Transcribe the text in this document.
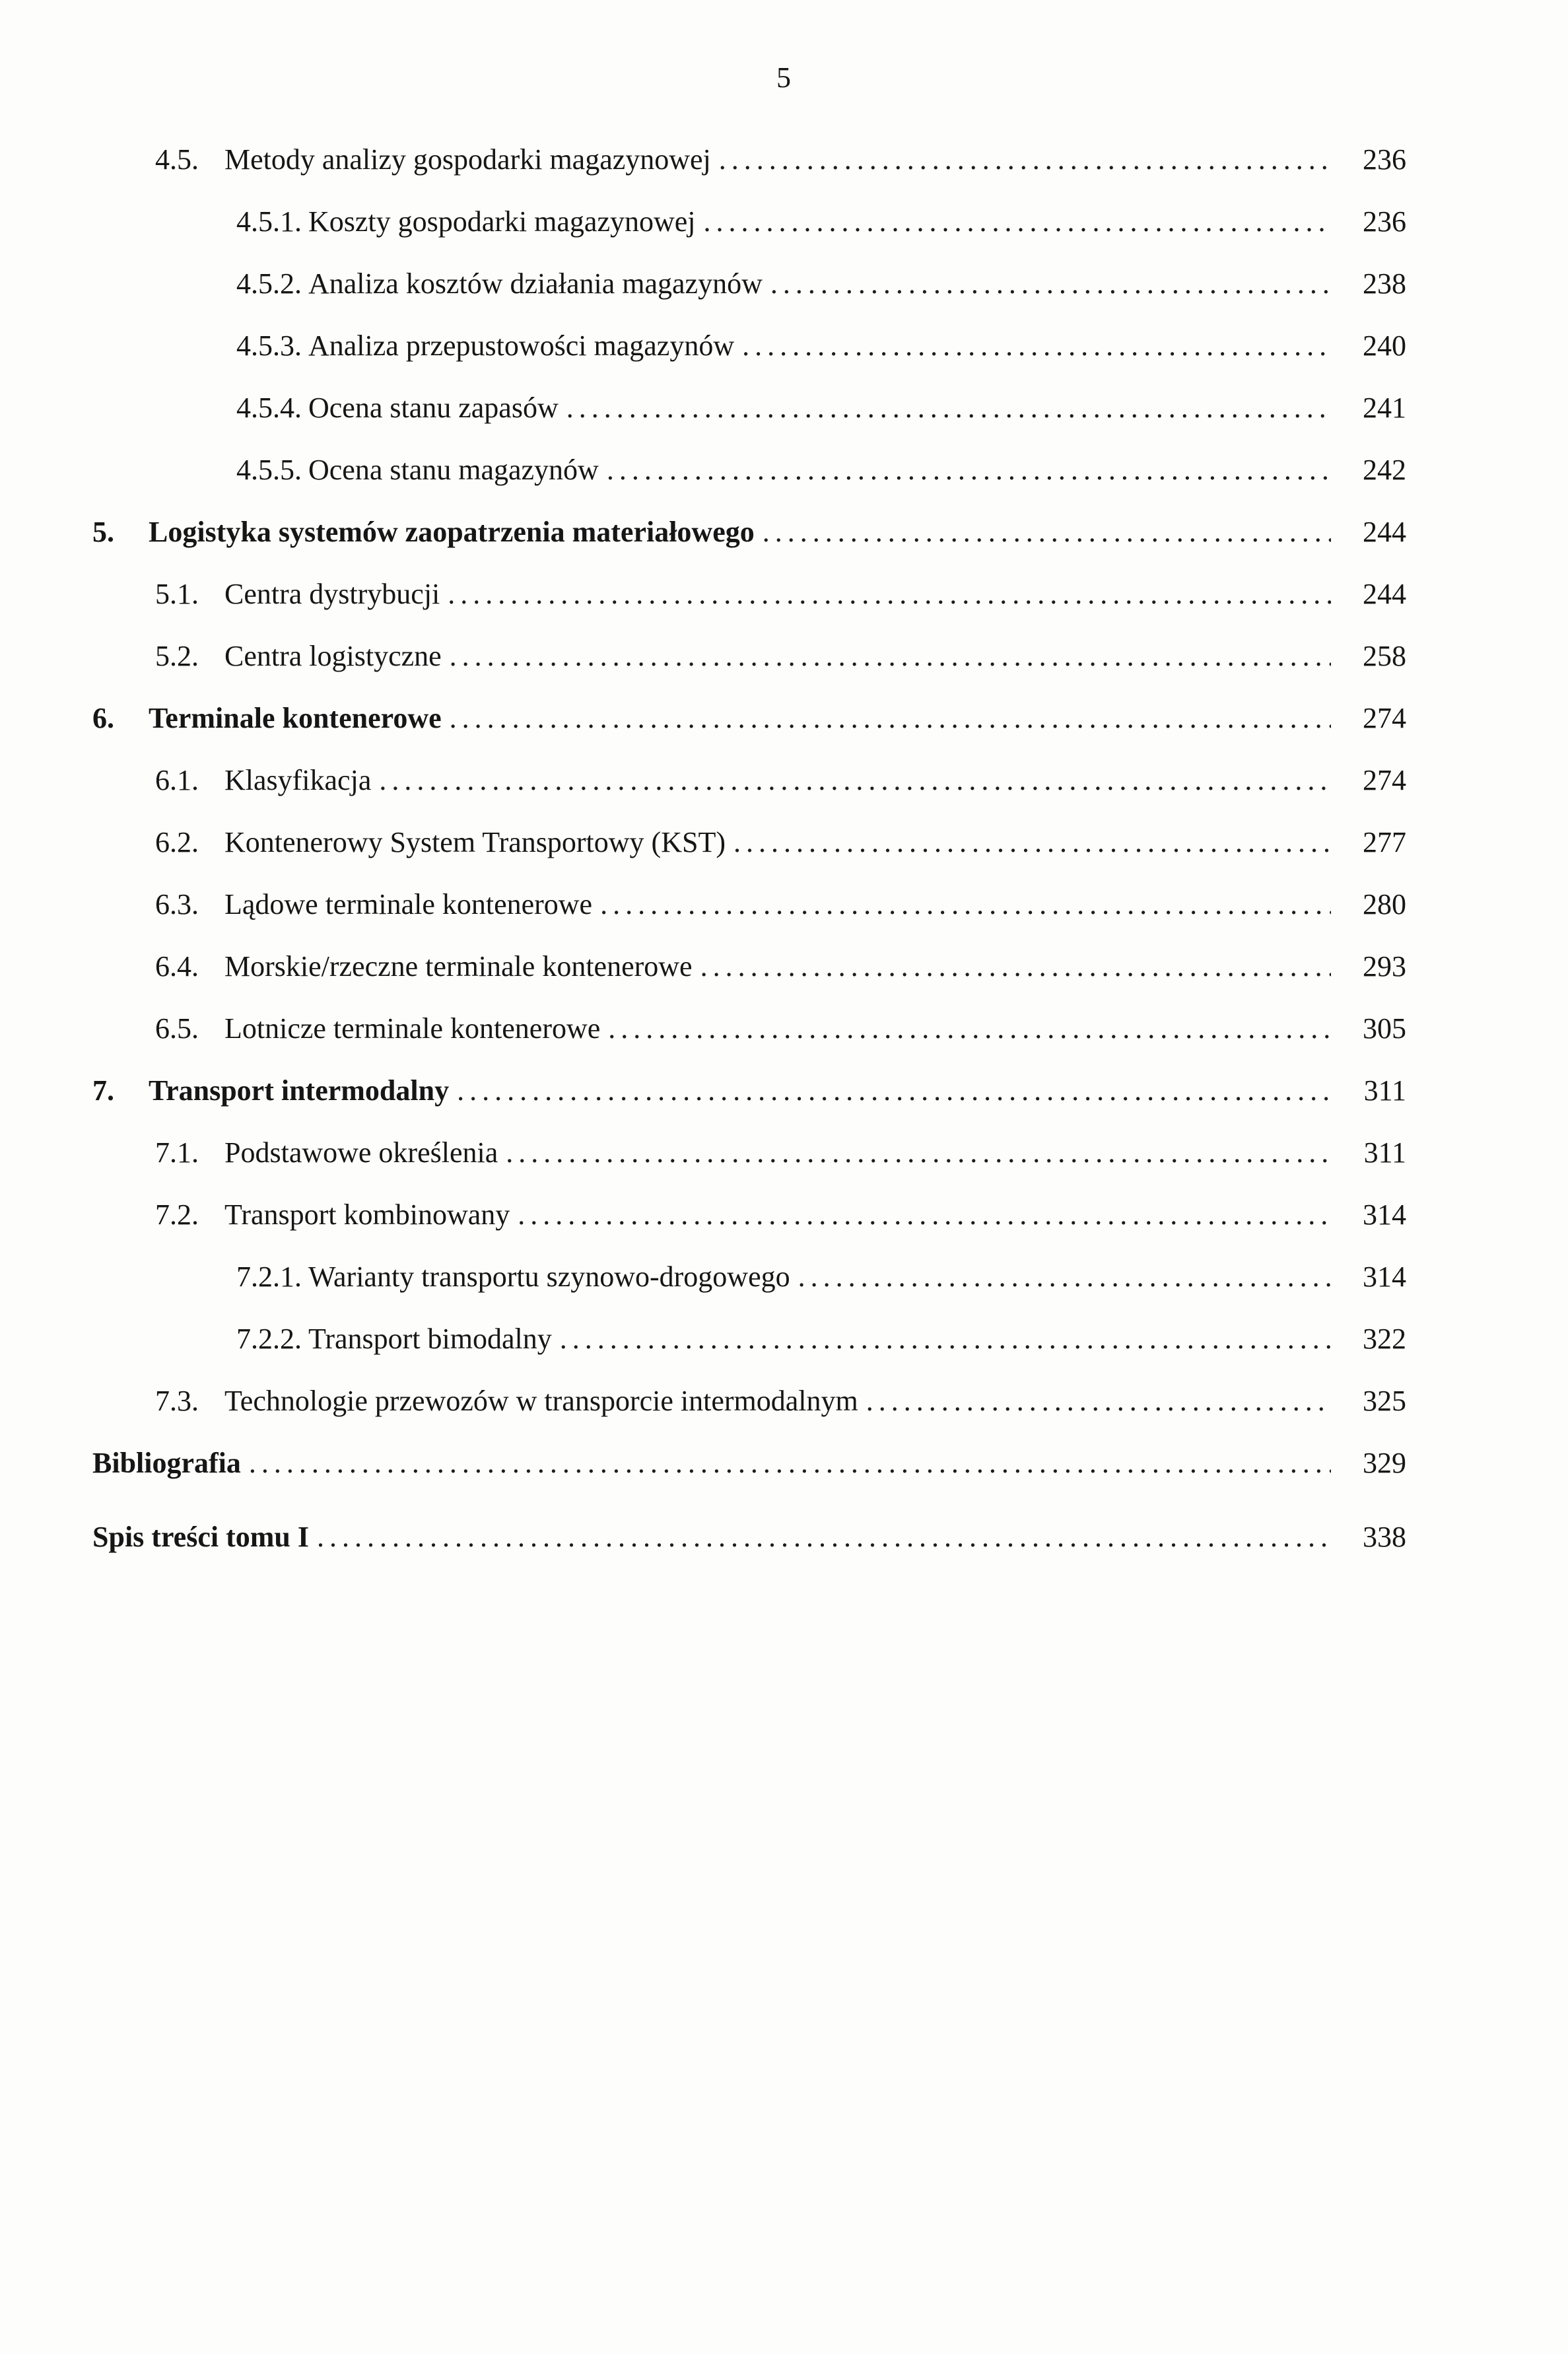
5
4.5. Metody analizy gospodarki magazynowej .....	236
4.5.1. Koszty gospodarki magazynowej .....	236
4.5.2. Analiza kosztów działania magazynów .....	238
4.5.3. Analiza przepustowości magazynów .....	240
4.5.4. Ocena stanu zapasów .....	241
4.5.5. Ocena stanu magazynów .....	242
5.	Logistyka systemów zaopatrzenia materiałowego .....	244
5.1. Centra dystrybucji .....	244
5.2. Centra logistyczne .....	258
6.	Terminale kontenerowe .....	274
6.1. Klasyfikacja .....	274
6.2. Kontenerowy System Transportowy (KST) .....	277
6.3. Lądowe terminale kontenerowe .....	280
6.4. Morskie/rzeczne terminale kontenerowe .....	293
6.5. Lotnicze terminale kontenerowe .....	305
7.	Transport intermodalny .....	311
7.1. Podstawowe określenia .....	311
7.2. Transport kombinowany .....	314
7.2.1. Warianty transportu szynowo-drogowego .....	314
7.2.2. Transport bimodalny .....	322
7.3. Technologie przewozów w transporcie intermodalnym .....	325
Bibliografia .....	329
Spis treści tomu I .....	338
